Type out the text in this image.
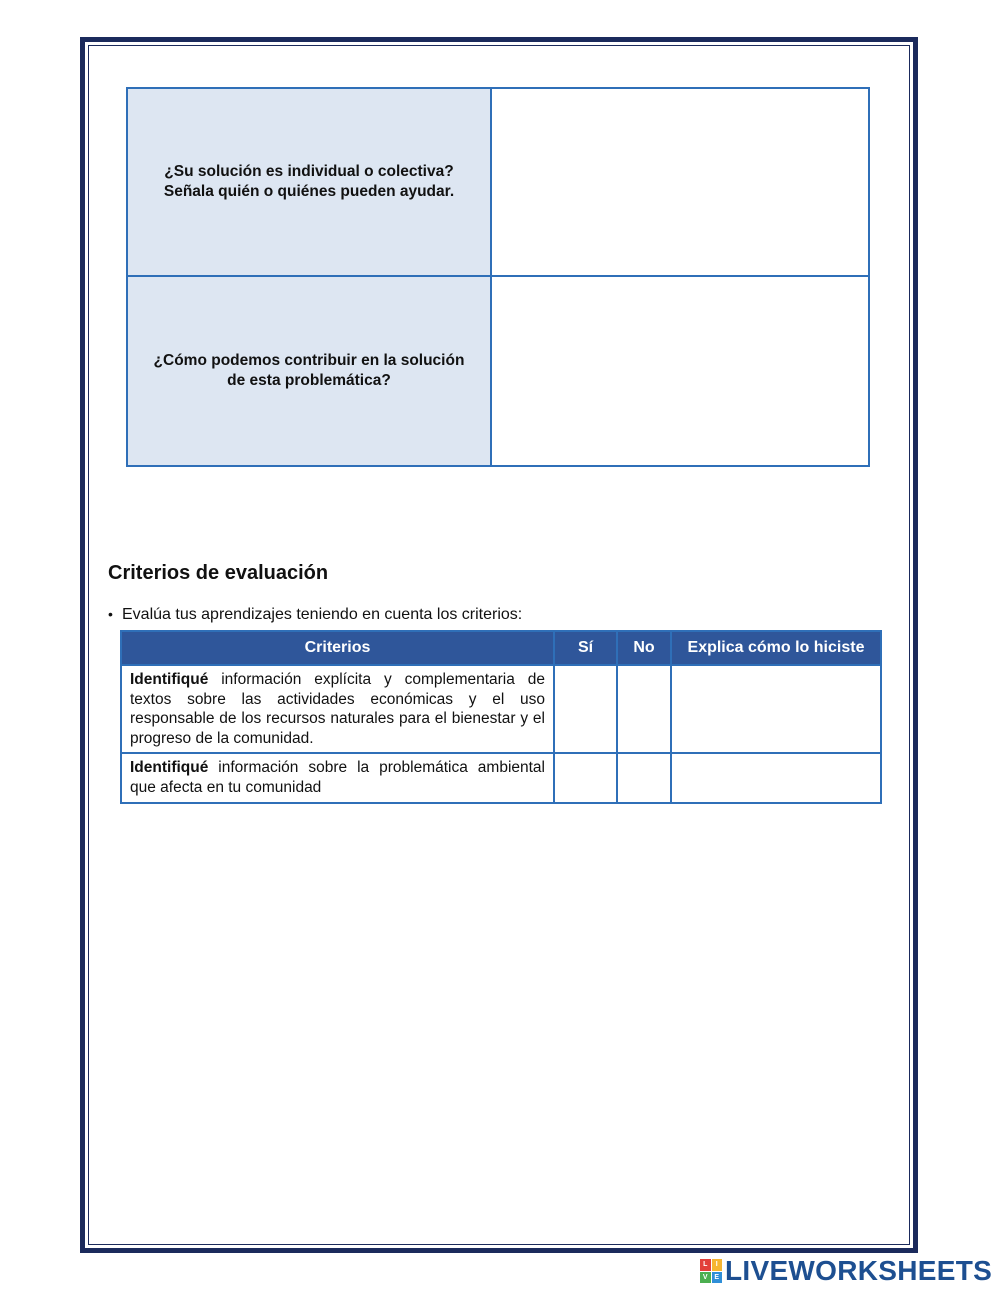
¿Su solución es individual o colectiva?
Señala quién o quiénes pueden ayudar.
¿Cómo podemos contribuir en la solución
de esta problemática?
Criterios de evaluación
• Evalúa tus aprendizajes teniendo en cuenta los criterios:
Criterios	Sí	No	Explica cómo lo hiciste
Identifiqué información explícita y complementaria de textos sobre las actividades económicas y el uso responsable de los recursos naturales para el bienestar y el progreso de la comunidad.			
Identifiqué información sobre la problemática ambiental que afecta en tu comunidad			
L	I
V E LIVEWORKSHEETS
